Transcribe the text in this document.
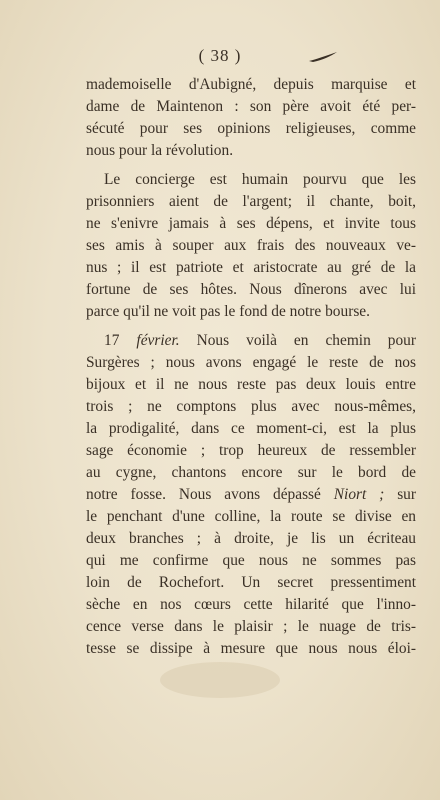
( 38 )
mademoiselle d'Aubigné, depuis marquise et
dame de Maintenon : son père avoit été per-
sécuté pour ses opinions religieuses, comme
nous pour la révolution.
Le concierge est humain pourvu que les
prisonniers aient de l'argent; il chante, boit,
ne s'enivre jamais à ses dépens, et invite tous
ses amis à souper aux frais des nouveaux ve-
nus ; il est patriote et aristocrate au gré de la
fortune de ses hôtes. Nous dînerons avec lui
parce qu'il ne voit pas le fond de notre bourse.
17 février. Nous voilà en chemin pour
Surgères ; nous avons engagé le reste de nos
bijoux et il ne nous reste pas deux louis entre
trois ; ne comptons plus avec nous-mêmes,
la prodigalité, dans ce moment-ci, est la plus
sage économie ; trop heureux de ressembler
au cygne, chantons encore sur le bord de
notre fosse. Nous avons dépassé Niort ; sur
le penchant d'une colline, la route se divise en
deux branches ; à droite, je lis un écriteau
qui me confirme que nous ne sommes pas
loin de Rochefort. Un secret pressentiment
sèche en nos cœurs cette hilarité que l'inno-
cence verse dans le plaisir ; le nuage de tris-
tesse se dissipe à mesure que nous nous éloi-
